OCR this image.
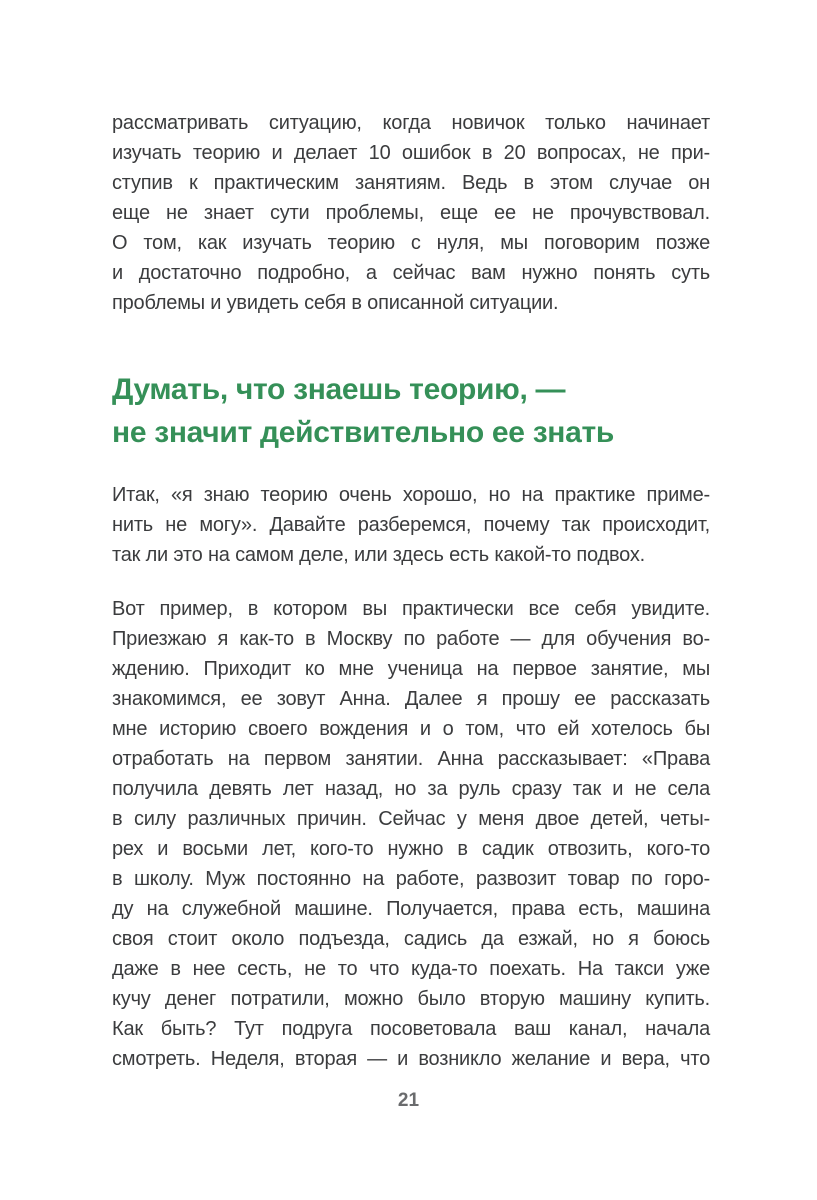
рассматривать ситуацию, когда новичок только начинает
изучать теорию и делает 10 ошибок в 20 вопросах, не при-
ступив к практическим занятиям. Ведь в этом случае он
еще не знает сути проблемы, еще ее не прочувствовал.
О том, как изучать теорию с нуля, мы поговорим позже
и достаточно подробно, а сейчас вам нужно понять суть
проблемы и увидеть себя в описанной ситуации.
Думать, что знаешь теорию, —
не значит действительно ее знать
Итак, «я знаю теорию очень хорошо, но на практике приме-
нить не могу». Давайте разберемся, почему так происходит,
так ли это на самом деле, или здесь есть какой-то подвох.
Вот пример, в котором вы практически все себя увидите.
Приезжаю я как-то в Москву по работе — для обучения во-
ждению. Приходит ко мне ученица на первое занятие, мы
знакомимся, ее зовут Анна. Далее я прошу ее рассказать
мне историю своего вождения и о том, что ей хотелось бы
отработать на первом занятии. Анна рассказывает: «Права
получила девять лет назад, но за руль сразу так и не села
в силу различных причин. Сейчас у меня двое детей, четы-
рех и восьми лет, кого-то нужно в садик отвозить, кого-то
в школу. Муж постоянно на работе, развозит товар по горо-
ду на служебной машине. Получается, права есть, машина
своя стоит около подъезда, садись да езжай, но я боюсь
даже в нее сесть, не то что куда-то поехать. На такси уже
кучу денег потратили, можно было вторую машину купить.
Как быть? Тут подруга посоветовала ваш канал, начала
смотреть. Неделя, вторая — и возникло желание и вера, что
21
